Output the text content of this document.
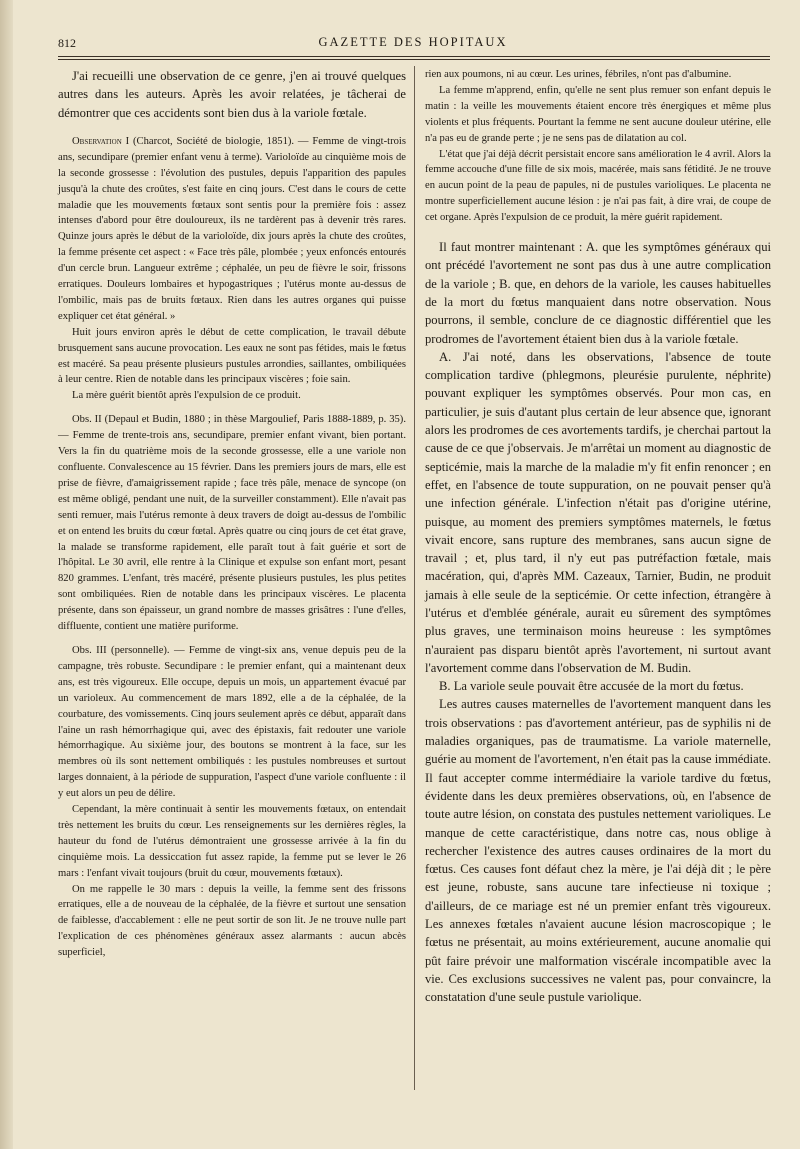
812	GAZETTE DES HOPITAUX

J'ai recueilli une observation de ce genre, j'en ai trouvé quelques autres dans les auteurs. Après les avoir relatées, je tâcherai de démontrer que ces accidents sont bien dus à la variole fœtale.

Observation I (Charcot, Société de biologie, 1851). — Femme de vingt-trois ans, secundipare (premier enfant venu à terme). Varioloïde au cinquième mois de la seconde grossesse : l'évolution des pustules, depuis l'apparition des papules jusqu'à la chute des croûtes, s'est faite en cinq jours. C'est dans le cours de cette maladie que les mouvements fœtaux sont sentis pour la première fois : assez intenses d'abord pour être douloureux, ils ne tardèrent pas à devenir très rares. Quinze jours après le début de la varioloïde, dix jours après la chute des croûtes, la femme présente cet aspect : « Face très pâle, plombée ; yeux enfoncés entourés d'un cercle brun. Langueur extrême ; céphalée, un peu de fièvre le soir, frissons erratiques. Douleurs lombaires et hypogastriques ; l'utérus monte au-dessus de l'ombilic, mais pas de bruits fœtaux. Rien dans les autres organes qui puisse expliquer cet état général. »

Huit jours environ après le début de cette complication, le travail débute brusquement sans aucune provocation. Les eaux ne sont pas fétides, mais le fœtus est macéré. Sa peau présente plusieurs pustules arrondies, saillantes, ombiliquées à leur centre. Rien de notable dans les principaux viscères ; foie sain.

La mère guérit bientôt après l'expulsion de ce produit.

Obs. II (Depaul et Budin, 1880 ; in thèse Margoulief, Paris 1888-1889, p. 35). — Femme de trente-trois ans, secundipare, premier enfant vivant, bien portant. Vers la fin du quatrième mois de la seconde grossesse, elle a une variole non confluente. Convalescence au 15 février. Dans les premiers jours de mars, elle est prise de fièvre, d'amaigrissement rapide ; face très pâle, menace de syncope (on est même obligé, pendant une nuit, de la surveiller constamment). Elle n'avait pas senti remuer, mais l'utérus remonte à deux travers de doigt au-dessus de l'ombilic et on entend les bruits du cœur fœtal. Après quatre ou cinq jours de cet état grave, la malade se transforme rapidement, elle paraît tout à fait guérie et sort de l'hôpital. Le 30 avril, elle rentre à la Clinique et expulse son enfant mort, pesant 820 grammes. L'enfant, très macéré, présente plusieurs pustules, les plus petites sont ombiliquées. Rien de notable dans les principaux viscères. Le placenta présente, dans son épaisseur, un grand nombre de masses grisâtres : l'une d'elles, diffluente, contient une matière puriforme.

Obs. III (personnelle). — Femme de vingt-six ans, venue depuis peu de la campagne, très robuste. Secundipare : le premier enfant, qui a maintenant deux ans, est très vigoureux. Elle occupe, depuis un mois, un appartement évacué par un varioleux. Au commencement de mars 1892, elle a de la céphalée, de la courbature, des vomissements. Cinq jours seulement après ce début, apparaît dans l'aine un rash hémorrhagique qui, avec des épistaxis, fait redouter une variole hémorrhagique. Au sixième jour, des boutons se montrent à la face, sur les membres où ils sont nettement ombiliqués : les pustules nombreuses et surtout larges donnaient, à la période de suppuration, l'aspect d'une variole confluente : il y eut alors un peu de délire.

Cependant, la mère continuait à sentir les mouvements fœtaux, on entendait très nettement les bruits du cœur. Les renseignements sur les dernières règles, la hauteur du fond de l'utérus démontraient une grossesse arrivée à la fin du cinquième mois. La dessiccation fut assez rapide, la femme put se lever le 26 mars : l'enfant vivait toujours (bruit du cœur, mouvements fœtaux).

On me rappelle le 30 mars : depuis la veille, la femme sent des frissons erratiques, elle a de nouveau de la céphalée, de la fièvre et surtout une sensation de faiblesse, d'accablement : elle ne peut sortir de son lit. Je ne trouve nulle part l'explication de ces phénomènes généraux assez alarmants : aucun abcès superficiel,

rien aux poumons, ni au cœur. Les urines, fébriles, n'ont pas d'albumine.

La femme m'apprend, enfin, qu'elle ne sent plus remuer son enfant depuis le matin : la veille les mouvements étaient encore très énergiques et même plus violents et plus fréquents. Pourtant la femme ne sent aucune douleur utérine, elle n'a pas eu de grande perte ; je ne sens pas de dilatation au col.

L'état que j'ai déjà décrit persistait encore sans amélioration le 4 avril. Alors la femme accouche d'une fille de six mois, macérée, mais sans fétidité. Je ne trouve en aucun point de la peau de papules, ni de pustules varioliques. Le placenta ne montre superficiellement aucune lésion : je n'ai pas fait, à dire vrai, de coupe de cet organe. Après l'expulsion de ce produit, la mère guérit rapidement.

Il faut montrer maintenant : A. que les symptômes généraux qui ont précédé l'avortement ne sont pas dus à une autre complication de la variole ; B. que, en dehors de la variole, les causes habituelles de la mort du fœtus manquaient dans notre observation. Nous pourrons, il semble, conclure de ce diagnostic différentiel que les prodromes de l'avortement étaient bien dus à la variole fœtale.

A. J'ai noté, dans les observations, l'absence de toute complication tardive (phlegmons, pleurésie purulente, néphrite) pouvant expliquer les symptômes observés. Pour mon cas, en particulier, je suis d'autant plus certain de leur absence que, ignorant alors les prodromes de ces avortements tardifs, je cherchai partout la cause de ce que j'observais. Je m'arrêtai un moment au diagnostic de septicémie, mais la marche de la maladie m'y fit enfin renoncer ; en effet, en l'absence de toute suppuration, on ne pouvait penser qu'à une infection générale. L'infection n'était pas d'origine utérine, puisque, au moment des premiers symptômes maternels, le fœtus vivait encore, sans rupture des membranes, sans aucun signe de travail ; et, plus tard, il n'y eut pas putréfaction fœtale, mais macération, qui, d'après MM. Cazeaux, Tarnier, Budin, ne produit jamais à elle seule de la septicémie. Or cette infection, étrangère à l'utérus et d'emblée générale, aurait eu sûrement des symptômes plus graves, une terminaison moins heureuse : les symptômes n'auraient pas disparu bientôt après l'avortement, ni surtout avant l'avortement comme dans l'observation de M. Budin.

B. La variole seule pouvait être accusée de la mort du fœtus.

Les autres causes maternelles de l'avortement manquent dans les trois observations : pas d'avortement antérieur, pas de syphilis ni de maladies organiques, pas de traumatisme. La variole maternelle, guérie au moment de l'avortement, n'en était pas la cause immédiate. Il faut accepter comme intermédiaire la variole tardive du fœtus, évidente dans les deux premières observations, où, en l'absence de toute autre lésion, on constata des pustules nettement varioliques. Le manque de cette caractéristique, dans notre cas, nous oblige à rechercher l'existence des autres causes ordinaires de la mort du fœtus. Ces causes font défaut chez la mère, je l'ai déjà dit ; le père est jeune, robuste, sans aucune tare infectieuse ni toxique ; d'ailleurs, de ce mariage est né un premier enfant très vigoureux. Les annexes fœtales n'avaient aucune lésion macroscopique ; le fœtus ne présentait, au moins extérieurement, aucune anomalie qui pût faire prévoir une malformation viscérale incompatible avec la vie. Ces exclusions successives ne valent pas, pour convaincre, la constatation d'une seule pustule variolique.
